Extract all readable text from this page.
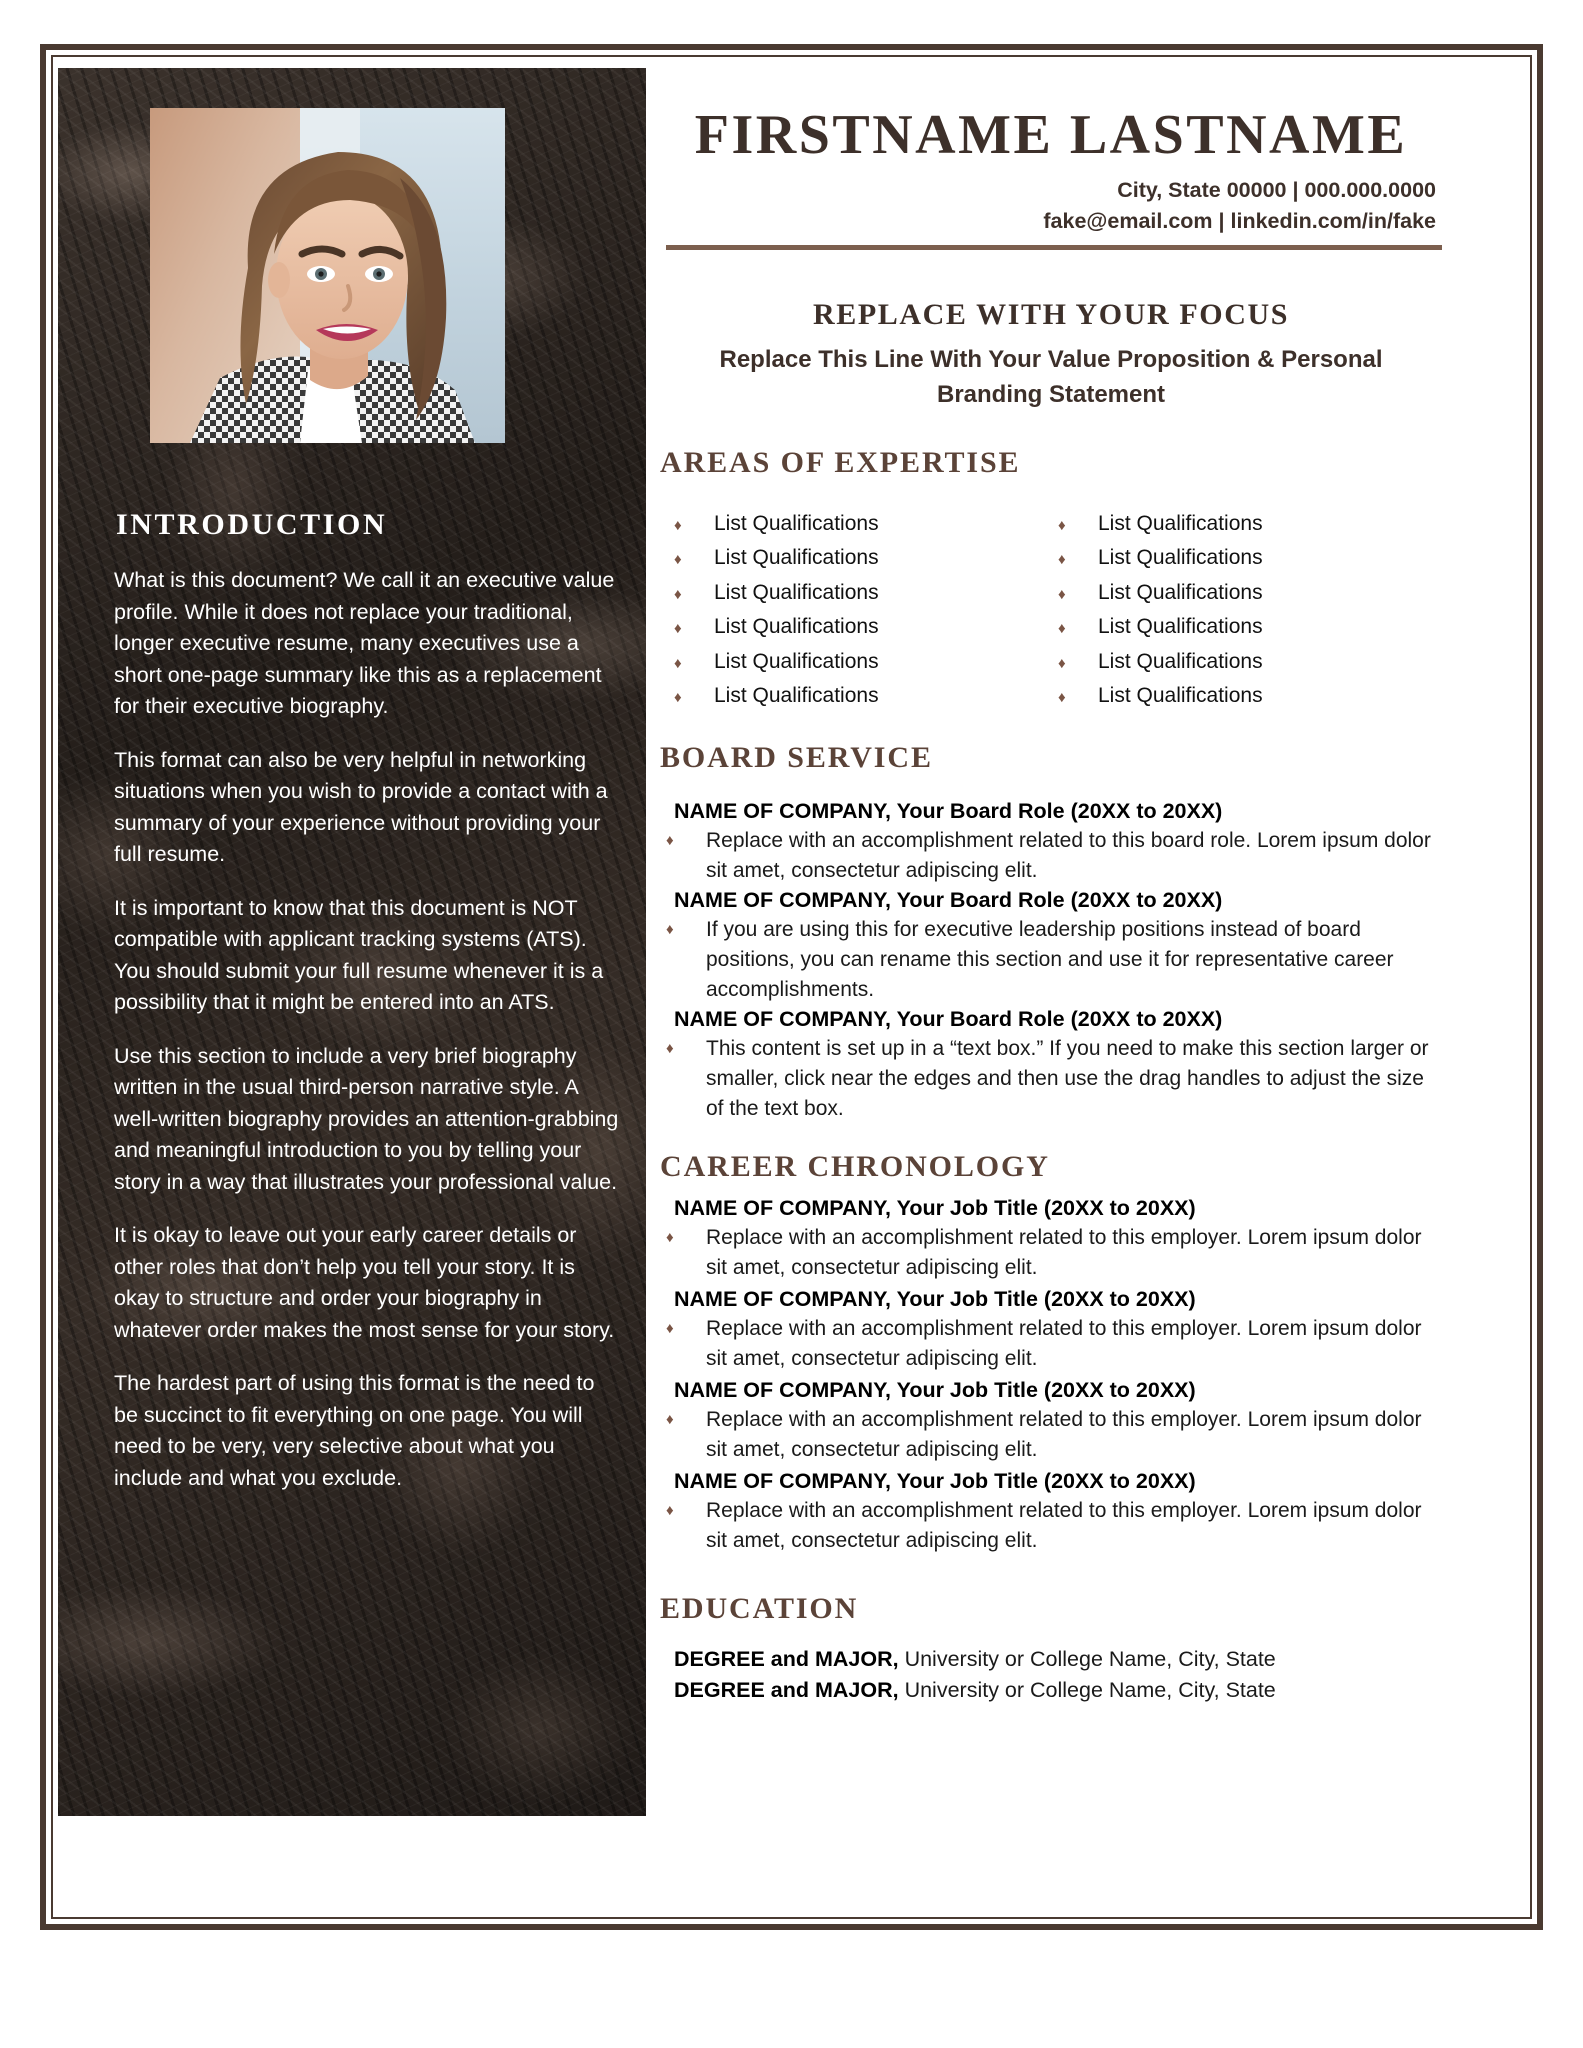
INTRODUCTION

What is this document? We call it an executive value profile. While it does not replace your traditional, longer executive resume, many executives use a short one-page summary like this as a replacement for their executive biography.

This format can also be very helpful in networking situations when you wish to provide a contact with a summary of your experience without providing your full resume.

It is important to know that this document is NOT compatible with applicant tracking systems (ATS). You should submit your full resume whenever it is a possibility that it might be entered into an ATS.

Use this section to include a very brief biography written in the usual third-person narrative style. A well-written biography provides an attention-grabbing and meaningful introduction to you by telling your story in a way that illustrates your professional value.

It is okay to leave out your early career details or other roles that don’t help you tell your story. It is okay to structure and order your biography in whatever order makes the most sense for your story.

The hardest part of using this format is the need to be succinct to fit everything on one page. You will need to be very, very selective about what you include and what you exclude.

FIRSTNAME LASTNAME
City, State 00000 | 000.000.0000
fake@email.com | linkedin.com/in/fake
REPLACE WITH YOUR FOCUS
Replace This Line With Your Value Proposition & Personal Branding Statement
AREAS OF EXPERTISE
♦	List Qualifications
♦	List Qualifications
♦	List Qualifications
♦	List Qualifications
♦	List Qualifications
♦	List Qualifications
♦	List Qualifications
♦	List Qualifications
♦	List Qualifications
♦	List Qualifications
♦	List Qualifications
♦	List Qualifications
BOARD SERVICE
NAME OF COMPANY, Your Board Role (20XX to 20XX)
♦	Replace with an accomplishment related to this board role. Lorem ipsum dolor sit amet, consectetur adipiscing elit.
NAME OF COMPANY, Your Board Role (20XX to 20XX)
♦	If you are using this for executive leadership positions instead of board positions, you can rename this section and use it for representative career accomplishments.
NAME OF COMPANY, Your Board Role (20XX to 20XX)
♦	This content is set up in a “text box.” If you need to make this section larger or smaller, click near the edges and then use the drag handles to adjust the size of the text box.
CAREER CHRONOLOGY
NAME OF COMPANY, Your Job Title (20XX to 20XX)
♦	Replace with an accomplishment related to this employer. Lorem ipsum dolor sit amet, consectetur adipiscing elit.
NAME OF COMPANY, Your Job Title (20XX to 20XX)
♦	Replace with an accomplishment related to this employer. Lorem ipsum dolor sit amet, consectetur adipiscing elit.
NAME OF COMPANY, Your Job Title (20XX to 20XX)
♦	Replace with an accomplishment related to this employer. Lorem ipsum dolor sit amet, consectetur adipiscing elit.
NAME OF COMPANY, Your Job Title (20XX to 20XX)
♦	Replace with an accomplishment related to this employer. Lorem ipsum dolor sit amet, consectetur adipiscing elit.
EDUCATION
DEGREE and MAJOR, University or College Name, City, State
DEGREE and MAJOR, University or College Name, City, State
